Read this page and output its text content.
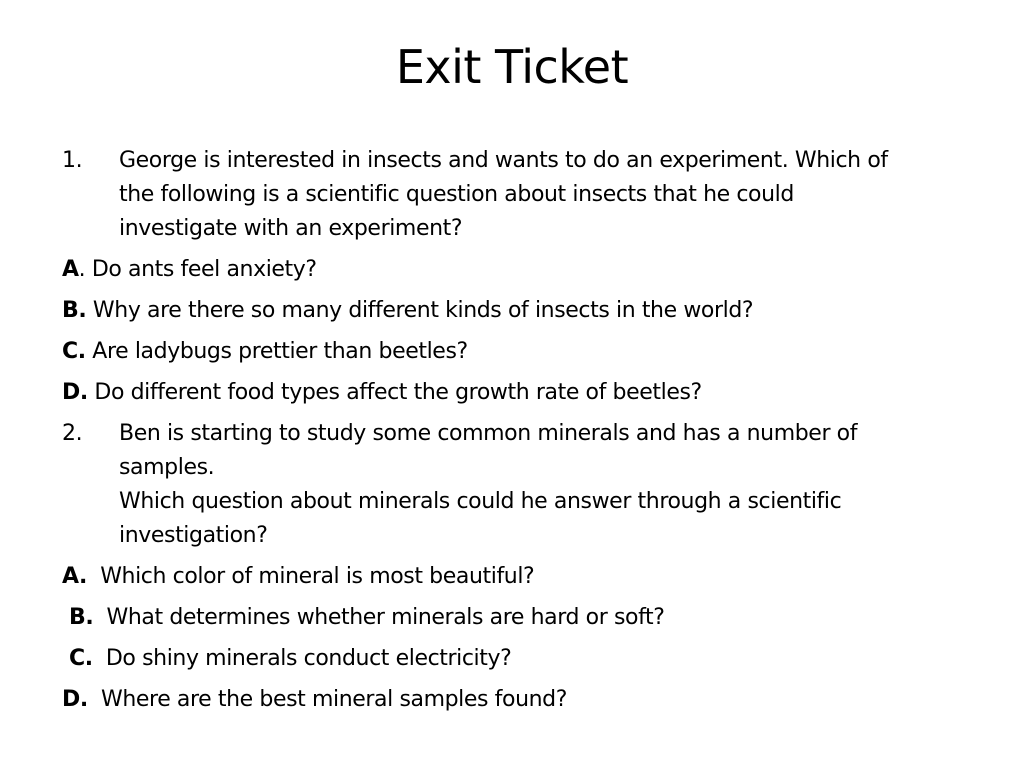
Exit Ticket
1.	George is interested in insects and wants to do an experiment. Which of
the following is a scientific question about insects that he could
investigate with an experiment?
A. Do ants feel anxiety?
B. Why are there so many different kinds of insects in the world?
C. Are ladybugs prettier than beetles?
D. Do different food types affect the growth rate of beetles?
2.	Ben is starting to study some common minerals and has a number of
samples.
Which question about minerals could he answer through a scientific
investigation?
A. Which color of mineral is most beautiful?
B. What determines whether minerals are hard or soft?
C. Do shiny minerals conduct electricity?
D. Where are the best mineral samples found?
